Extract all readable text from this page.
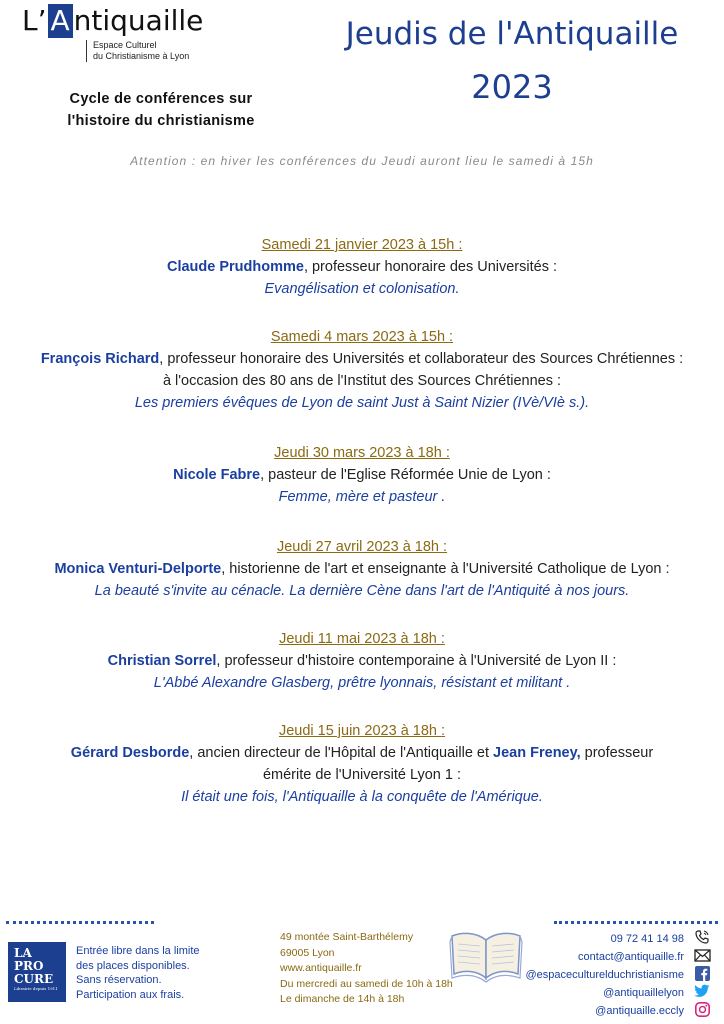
L’ A ntiquaille
Espace Culturel
du Christianisme à Lyon
Cycle de conférences sur
l'histoire du christianisme
Jeudis de l'Antiquaille
2023
Attention : en hiver les conférences du Jeudi auront lieu le samedi à 15h
Samedi 21 janvier 2023 à 15h :
Claude Prudhomme, professeur honoraire des Universités :
Evangélisation et colonisation.
Samedi 4 mars 2023 à 15h :
François Richard, professeur honoraire des Universités et collaborateur des Sources Chrétiennes :
à l'occasion des 80 ans de l'Institut des Sources Chrétiennes :
Les premiers évêques de Lyon de saint Just à Saint Nizier (IVè/VIè s.).
Jeudi 30 mars 2023 à 18h :
Nicole Fabre, pasteur de l'Eglise Réformée Unie de Lyon :
Femme, mère et pasteur .
Jeudi 27 avril 2023 à 18h :
Monica Venturi-Delporte, historienne de l'art et enseignante à l'Université Catholique de Lyon :
La beauté s'invite au cénacle. La dernière Cène dans l'art de l'Antiquité à nos jours.
Jeudi 11 mai 2023 à 18h :
Christian Sorrel, professeur d'histoire contemporaine à l'Université de Lyon II :
L'Abbé Alexandre Glasberg, prêtre lyonnais, résistant et militant .
Jeudi 15 juin 2023 à 18h :
Gérard Desborde, ancien directeur de l'Hôpital de l'Antiquaille et Jean Freney, professeur
émérite de l'Université Lyon 1 :
Il était une fois, l'Antiquaille à la conquête de l'Amérique.
LA
PRO
CURE
Librairie depuis 1911
Entrée libre dans la limite
des places disponibles.
Sans réservation.
Participation aux frais.
49 montée Saint-Barthélemy
69005 Lyon
www.antiquaille.fr
Du mercredi au samedi de 10h à 18h
Le dimanche de 14h à 18h
09 72 41 14 98
contact@antiquaille.fr
@espaceculturelduchristianisme
@antiquaillelyon
@antiquaille.eccly
